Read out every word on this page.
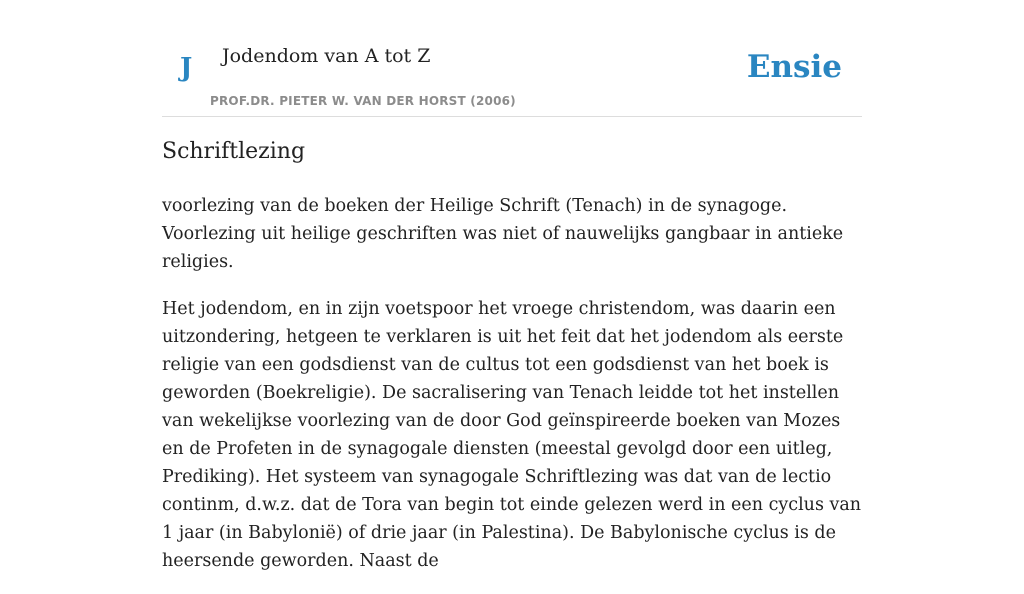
J Jodendom van A tot Z
PROF.DR. PIETER W. VAN DER HORST (2006)
Ensie
Schriftlezing

voorlezing van de boeken der Heilige Schrift (Tenach) in de synagoge. Voorlezing uit heilige geschriften was niet of nauwelijks gangbaar in antieke religies.

Het jodendom, en in zijn voetspoor het vroege christendom, was daarin een uitzondering, hetgeen te verklaren is uit het feit dat het jodendom als eerste religie van een godsdienst van de cultus tot een godsdienst van het boek is geworden (Boekreligie). De sacralisering van Tenach leidde tot het instellen van wekelijkse voorlezing van de door God geïnspireerde boeken van Mozes en de Profeten in de synagogale diensten (meestal gevolgd door een uitleg, Prediking). Het systeem van synagogale Schriftlezing was dat van de lectio continm, d.w.z. dat de Tora van begin tot einde gelezen werd in een cyclus van 1 jaar (in Babylonië) of drie jaar (in Palestina). De Babylonische cyclus is de heersende geworden. Naast de
